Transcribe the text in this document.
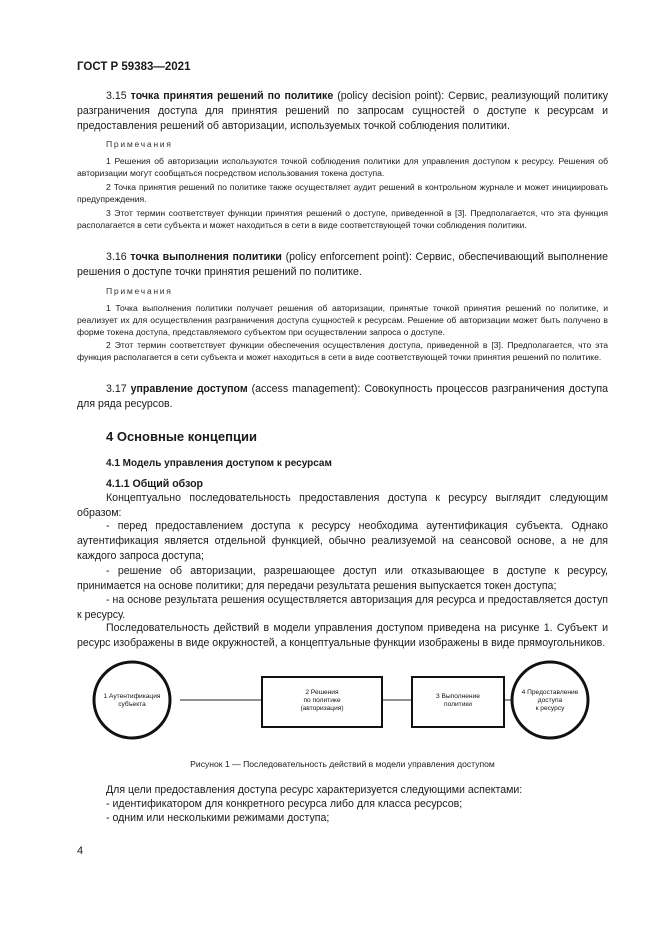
ГОСТ Р 59383—2021
3.15 точка принятия решений по политике (policy decision point): Сервис, реализующий политику разграничения доступа для принятия решений по запросам сущностей о доступе к ресурсам и предоставления решений об авторизации, используемых точкой соблюдения политики.
Примечания
1 Решения об авторизации используются точкой соблюдения политики для управления доступом к ресурсу. Решения об авторизации могут сообщаться посредством использования токена доступа.
2 Точка принятия решений по политике также осуществляет аудит решений в контрольном журнале и может инициировать предупреждения.
3 Этот термин соответствует функции принятия решений о доступе, приведенной в [3]. Предполагается, что эта функция располагается в сети субъекта и может находиться в сети в виде соответствующей точки соблюдения политики.
3.16 точка выполнения политики (policy enforcement point): Сервис, обеспечивающий выполнение решения о доступе точки принятия решений по политике.
Примечания
1 Точка выполнения политики получает решения об авторизации, принятые точкой принятия решений по политике, и реализует их для осуществления разграничения доступа сущностей к ресурсам. Решение об авторизации может быть получено в форме токена доступа, представляемого субъектом при осуществлении запроса о доступе.
2 Этот термин соответствует функции обеспечения осуществления доступа, приведенной в [3]. Предполагается, что эта функция располагается в сети субъекта и может находиться в сети в виде соответствующей точки принятия решений по политике.
3.17 управление доступом (access management): Совокупность процессов разграничения доступа для ряда ресурсов.
4 Основные концепции
4.1 Модель управления доступом к ресурсам
4.1.1 Общий обзор
Концептуально последовательность предоставления доступа к ресурсу выглядит следующим образом:
- перед предоставлением доступа к ресурсу необходима аутентификация субъекта. Однако аутентификация является отдельной функцией, обычно реализуемой на сеансовой основе, а не для каждого запроса доступа;
- решение об авторизации, разрешающее доступ или отказывающее в доступе к ресурсу, принимается на основе политики; для передачи результата решения выпускается токен доступа;
- на основе результата решения осуществляется авторизация для ресурса и предоставляется доступ к ресурсу.
Последовательность действий в модели управления доступом приведена на рисунке 1. Субъект и ресурс изображены в виде окружностей, а концептуальные функции изображены в виде прямоугольников.
1 Аутентификация
субъекта
2 Решения
по политике
(авторизация)
3 Выполнение
политики
4 Предоставление
доступа
к ресурсу
Рисунок 1 — Последовательность действий в модели управления доступом
Для цели предоставления доступа ресурс характеризуется следующими аспектами:
- идентификатором для конкретного ресурса либо для класса ресурсов;
- одним или несколькими режимами доступа;
4
